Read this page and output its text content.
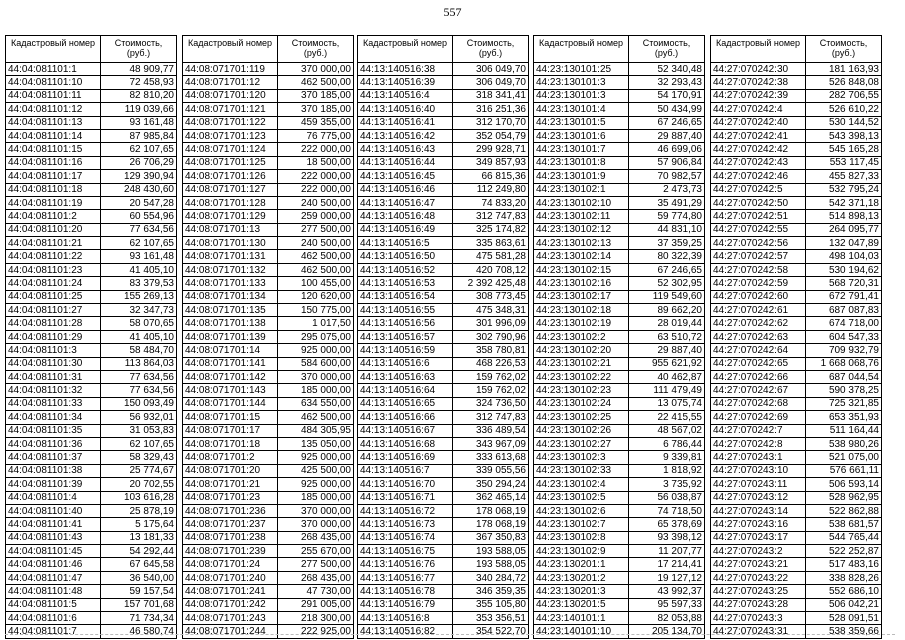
557
Кадастровый номер	Стоимость, (руб.)
44:04:081101:1	48 909,77
44:04:081101:10	72 458,93
44:04:081101:11	82 810,20
44:04:081101:12	119 039,66
44:04:081101:13	93 161,48
44:04:081101:14	87 985,84
44:04:081101:15	62 107,65
44:04:081101:16	26 706,29
44:04:081101:17	129 390,94
44:04:081101:18	248 430,60
44:04:081101:19	20 547,28
44:04:081101:2	60 554,96
44:04:081101:20	77 634,56
44:04:081101:21	62 107,65
44:04:081101:22	93 161,48
44:04:081101:23	41 405,10
44:04:081101:24	83 379,53
44:04:081101:25	155 269,13
44:04:081101:27	32 347,73
44:04:081101:28	58 070,65
44:04:081101:29	41 405,10
44:04:081101:3	58 484,70
44:04:081101:30	113 864,03
44:04:081101:31	77 634,56
44:04:081101:32	77 634,56
44:04:081101:33	150 093,49
44:04:081101:34	56 932,01
44:04:081101:35	31 053,83
44:04:081101:36	62 107,65
44:04:081101:37	58 329,43
44:04:081101:38	25 774,67
44:04:081101:39	20 702,55
44:04:081101:4	103 616,28
44:04:081101:40	25 878,19
44:04:081101:41	5 175,64
44:04:081101:43	13 181,33
44:04:081101:45	54 292,44
44:04:081101:46	67 645,58
44:04:081101:47	36 540,00
44:04:081101:48	59 157,54
44:04:081101:5	157 701,68
44:04:081101:6	71 734,34
44:04:081101:7	46 580,74
Кадастровый номер	Стоимость, (руб.)
44:08:071701:119	370 000,00
44:08:071701:12	462 500,00
44:08:071701:120	370 185,00
44:08:071701:121	370 185,00
44:08:071701:122	459 355,00
44:08:071701:123	76 775,00
44:08:071701:124	222 000,00
44:08:071701:125	18 500,00
44:08:071701:126	222 000,00
44:08:071701:127	222 000,00
44:08:071701:128	240 500,00
44:08:071701:129	259 000,00
44:08:071701:13	277 500,00
44:08:071701:130	240 500,00
44:08:071701:131	462 500,00
44:08:071701:132	462 500,00
44:08:071701:133	100 455,00
44:08:071701:134	120 620,00
44:08:071701:135	150 775,00
44:08:071701:138	1 017,50
44:08:071701:139	295 075,00
44:08:071701:14	925 000,00
44:08:071701:141	584 600,00
44:08:071701:142	370 000,00
44:08:071701:143	185 000,00
44:08:071701:144	634 550,00
44:08:071701:15	462 500,00
44:08:071701:17	484 305,95
44:08:071701:18	135 050,00
44:08:071701:2	925 000,00
44:08:071701:20	425 500,00
44:08:071701:21	925 000,00
44:08:071701:23	185 000,00
44:08:071701:236	370 000,00
44:08:071701:237	370 000,00
44:08:071701:238	268 435,00
44:08:071701:239	255 670,00
44:08:071701:24	277 500,00
44:08:071701:240	268 435,00
44:08:071701:241	47 730,00
44:08:071701:242	291 005,00
44:08:071701:243	218 300,00
44:08:071701:244	222 925,00
Кадастровый номер	Стоимость, (руб.)
44:13:140516:38	306 049,70
44:13:140516:39	306 049,70
44:13:140516:4	318 341,41
44:13:140516:40	316 251,36
44:13:140516:41	312 170,70
44:13:140516:42	352 054,79
44:13:140516:43	299 928,71
44:13:140516:44	349 857,93
44:13:140516:45	66 815,36
44:13:140516:46	112 249,80
44:13:140516:47	74 833,20
44:13:140516:48	312 747,83
44:13:140516:49	325 174,82
44:13:140516:5	335 863,61
44:13:140516:50	475 581,28
44:13:140516:52	420 708,12
44:13:140516:53	2 392 425,48
44:13:140516:54	308 773,45
44:13:140516:55	475 348,31
44:13:140516:56	301 996,09
44:13:140516:57	302 790,96
44:13:140516:59	358 780,81
44:13:140516:6	468 226,53
44:13:140516:63	159 762,02
44:13:140516:64	159 762,02
44:13:140516:65	324 736,50
44:13:140516:66	312 747,83
44:13:140516:67	336 489,54
44:13:140516:68	343 967,09
44:13:140516:69	333 613,68
44:13:140516:7	339 055,56
44:13:140516:70	350 294,24
44:13:140516:71	362 465,14
44:13:140516:72	178 068,19
44:13:140516:73	178 068,19
44:13:140516:74	367 350,83
44:13:140516:75	193 588,05
44:13:140516:76	193 588,05
44:13:140516:77	340 284,72
44:13:140516:78	346 359,35
44:13:140516:79	355 105,80
44:13:140516:8	353 356,51
44:13:140516:82	354 522,70
Кадастровый номер	Стоимость, (руб.)
44:23:130101:25	52 340,48
44:23:130101:3	32 293,43
44:23:130101:3	54 170,91
44:23:130101:4	50 434,99
44:23:130101:5	67 246,65
44:23:130101:6	29 887,40
44:23:130101:7	46 699,06
44:23:130101:8	57 906,84
44:23:130101:9	70 982,57
44:23:130102:1	2 473,73
44:23:130102:10	35 491,29
44:23:130102:11	59 774,80
44:23:130102:12	44 831,10
44:23:130102:13	37 359,25
44:23:130102:14	80 322,39
44:23:130102:15	67 246,65
44:23:130102:16	52 302,95
44:23:130102:17	119 549,60
44:23:130102:18	89 662,20
44:23:130102:19	28 019,44
44:23:130102:2	63 510,72
44:23:130102:20	29 887,40
44:23:130102:21	955 621,92
44:23:130102:22	40 462,87
44:23:130102:23	111 479,49
44:23:130102:24	13 075,74
44:23:130102:25	22 415,55
44:23:130102:26	48 567,02
44:23:130102:27	6 786,44
44:23:130102:3	9 339,81
44:23:130102:33	1 818,92
44:23:130102:4	3 735,92
44:23:130102:5	56 038,87
44:23:130102:6	74 718,50
44:23:130102:7	65 378,69
44:23:130102:8	93 398,12
44:23:130102:9	11 207,77
44:23:130201:1	17 214,41
44:23:130201:2	19 127,12
44:23:130201:3	43 992,37
44:23:130201:5	95 597,33
44:23:140101:1	82 053,88
44:23:140101:10	205 134,70
Кадастровый номер	Стоимость, (руб.)
44:27:070242:30	181 163,93
44:27:070242:38	526 848,08
44:27:070242:39	282 706,55
44:27:070242:4	526 610,22
44:27:070242:40	530 144,52
44:27:070242:41	543 398,13
44:27:070242:42	545 165,28
44:27:070242:43	553 117,45
44:27:070242:46	455 827,33
44:27:070242:5	532 795,24
44:27:070242:50	542 371,18
44:27:070242:51	514 898,13
44:27:070242:55	264 095,77
44:27:070242:56	132 047,89
44:27:070242:57	498 104,03
44:27:070242:58	530 194,62
44:27:070242:59	568 720,31
44:27:070242:60	672 791,41
44:27:070242:61	687 087,83
44:27:070242:62	674 718,00
44:27:070242:63	604 547,33
44:27:070242:64	709 932,79
44:27:070242:65	1 668 068,76
44:27:070242:66	687 044,54
44:27:070242:67	590 378,25
44:27:070242:68	725 321,85
44:27:070242:69	653 351,93
44:27:070242:7	511 164,44
44:27:070242:8	538 980,26
44:27:070243:1	521 075,00
44:27:070243:10	576 661,11
44:27:070243:11	506 593,14
44:27:070243:12	528 962,95
44:27:070243:14	522 862,88
44:27:070243:16	538 681,57
44:27:070243:17	544 765,44
44:27:070243:2	522 252,87
44:27:070243:21	517 483,16
44:27:070243:22	338 828,26
44:27:070243:25	552 686,10
44:27:070243:28	506 042,21
44:27:070243:3	528 091,51
44:27:070243:31	538 359,66
